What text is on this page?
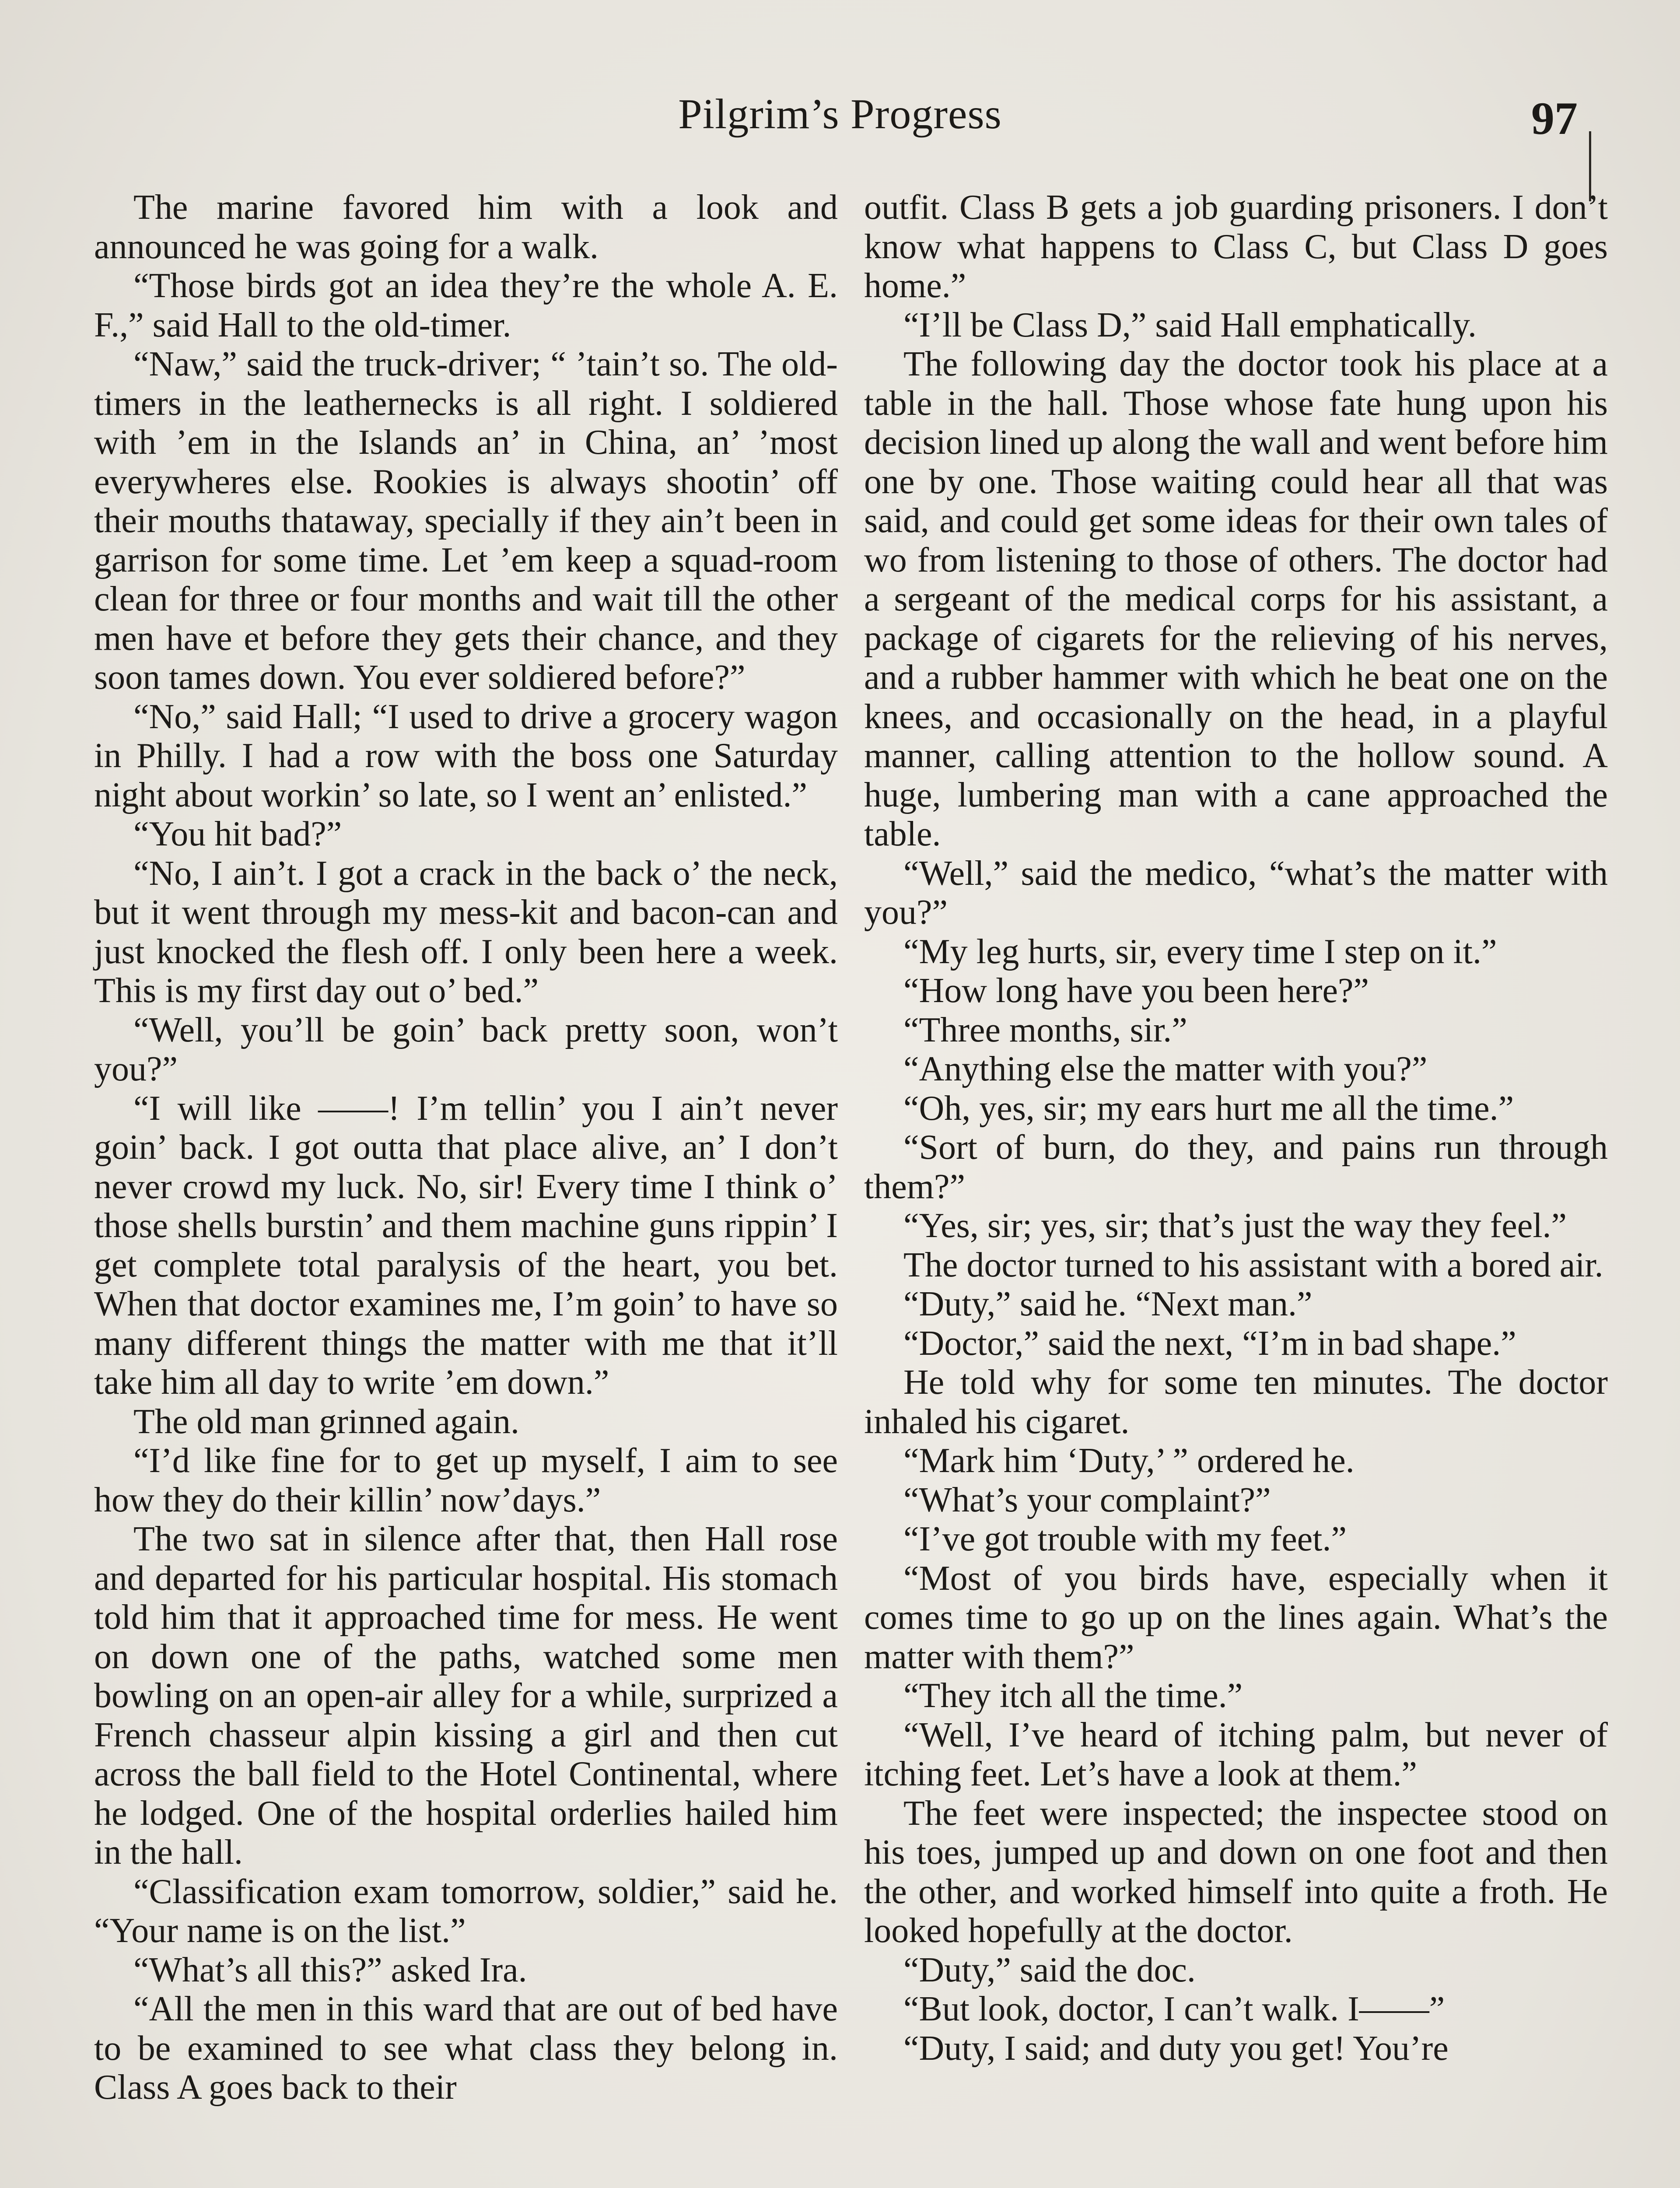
Pilgrim’s Progress	97

The marine favored him with a look and announced he was going for a walk.

“Those birds got an idea they’re the whole A. E. F.,” said Hall to the old-timer.

“Naw,” said the truck-driver; “ ’tain’t so. The old-timers in the leathernecks is all right. I soldiered with ’em in the Islands an’ in China, an’ ’most everywheres else. Rookies is always shootin’ off their mouths thataway, specially if they ain’t been in garrison for some time. Let ’em keep a squad-room clean for three or four months and wait till the other men have et before they gets their chance, and they soon tames down. You ever soldiered before?”

“No,” said Hall; “I used to drive a grocery wagon in Philly. I had a row with the boss one Saturday night about workin’ so late, so I went an’ enlisted.”

“You hit bad?”

“No, I ain’t. I got a crack in the back o’ the neck, but it went through my mess-kit and bacon-can and just knocked the flesh off. I only been here a week. This is my first day out o’ bed.”

“Well, you’ll be goin’ back pretty soon, won’t you?”

“I will like ——! I’m tellin’ you I ain’t never goin’ back. I got outta that place alive, an’ I don’t never crowd my luck. No, sir! Every time I think o’ those shells burstin’ and them machine guns rippin’ I get complete total paralysis of the heart, you bet. When that doctor examines me, I’m goin’ to have so many different things the matter with me that it’ll take him all day to write ’em down.”

The old man grinned again.

“I’d like fine for to get up myself, I aim to see how they do their killin’ now’days.”

The two sat in silence after that, then Hall rose and departed for his particular hospital. His stomach told him that it approached time for mess. He went on down one of the paths, watched some men bowling on an open-air alley for a while, surprized a French chasseur alpin kissing a girl and then cut across the ball field to the Hotel Continental, where he lodged. One of the hospital orderlies hailed him in the hall.

“Classification exam tomorrow, soldier,” said he. “Your name is on the list.”

“What’s all this?” asked Ira.

“All the men in this ward that are out of bed have to be examined to see what class they belong in. Class A goes back to their

outfit. Class B gets a job guarding prisoners. I don’t know what happens to Class C, but Class D goes home.”

“I’ll be Class D,” said Hall emphatically.

The following day the doctor took his place at a table in the hall. Those whose fate hung upon his decision lined up along the wall and went before him one by one. Those waiting could hear all that was said, and could get some ideas for their own tales of wo from listening to those of others. The doctor had a sergeant of the medical corps for his assistant, a package of cigarets for the relieving of his nerves, and a rubber hammer with which he beat one on the knees, and occasionally on the head, in a playful manner, calling attention to the hollow sound. A huge, lumbering man with a cane approached the table.

“Well,” said the medico, “what’s the matter with you?”

“My leg hurts, sir, every time I step on it.”

“How long have you been here?”

“Three months, sir.”

“Anything else the matter with you?”

“Oh, yes, sir; my ears hurt me all the time.”

“Sort of burn, do they, and pains run through them?”

“Yes, sir; yes, sir; that’s just the way they feel.”

The doctor turned to his assistant with a bored air.

“Duty,” said he. “Next man.”

“Doctor,” said the next, “I’m in bad shape.”

He told why for some ten minutes. The doctor inhaled his cigaret.

“Mark him ‘Duty,’ ” ordered he.

“What’s your complaint?”

“I’ve got trouble with my feet.”

“Most of you birds have, especially when it comes time to go up on the lines again. What’s the matter with them?”

“They itch all the time.”

“Well, I’ve heard of itching palm, but never of itching feet. Let’s have a look at them.”

The feet were inspected; the inspectee stood on his toes, jumped up and down on one foot and then the other, and worked himself into quite a froth. He looked hopefully at the doctor.

“Duty,” said the doc.

“But look, doctor, I can’t walk. I——”

“Duty, I said; and duty you get! You’re
